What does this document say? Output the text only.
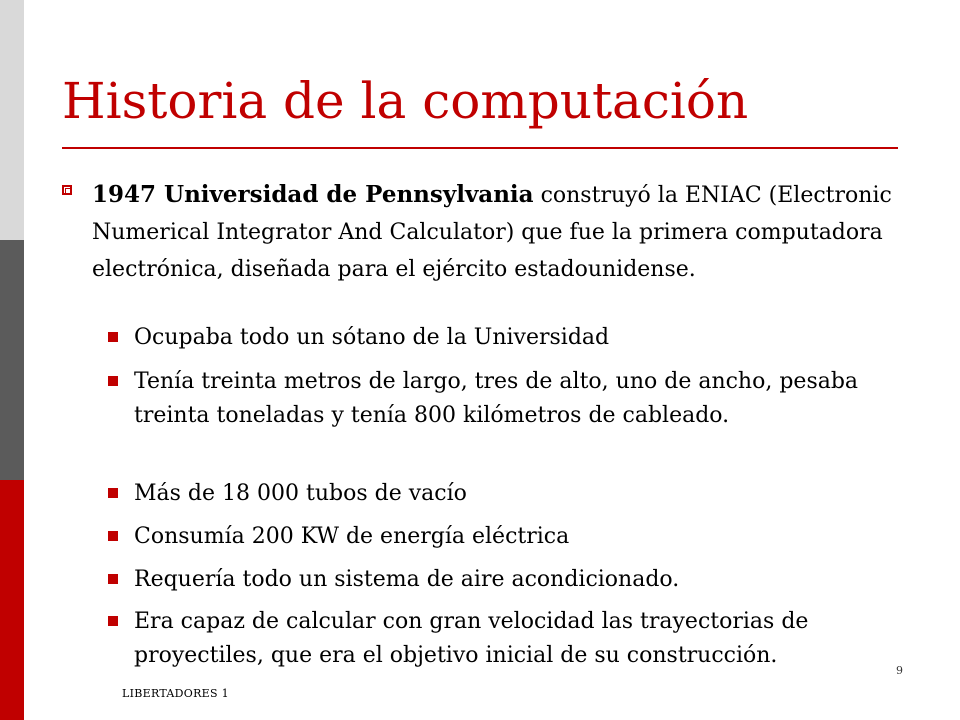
Historia de la computación
1947 Universidad de Pennsylvania construyó la ENIAC (Electronic Numerical Integrator And Calculator) que fue la primera computadora electrónica, diseñada para el ejército estadounidense.
Ocupaba todo un sótano de la Universidad
Tenía treinta metros de largo, tres de alto, uno de ancho, pesaba treinta toneladas y tenía 800 kilómetros de cableado.
Más de 18 000 tubos de vacío
Consumía 200 KW de energía eléctrica
Requería todo un sistema de aire acondicionado.
Era capaz de calcular con gran velocidad las trayectorias de proyectiles, que era el objetivo inicial de su construcción.
LIBERTADORES 1
9
